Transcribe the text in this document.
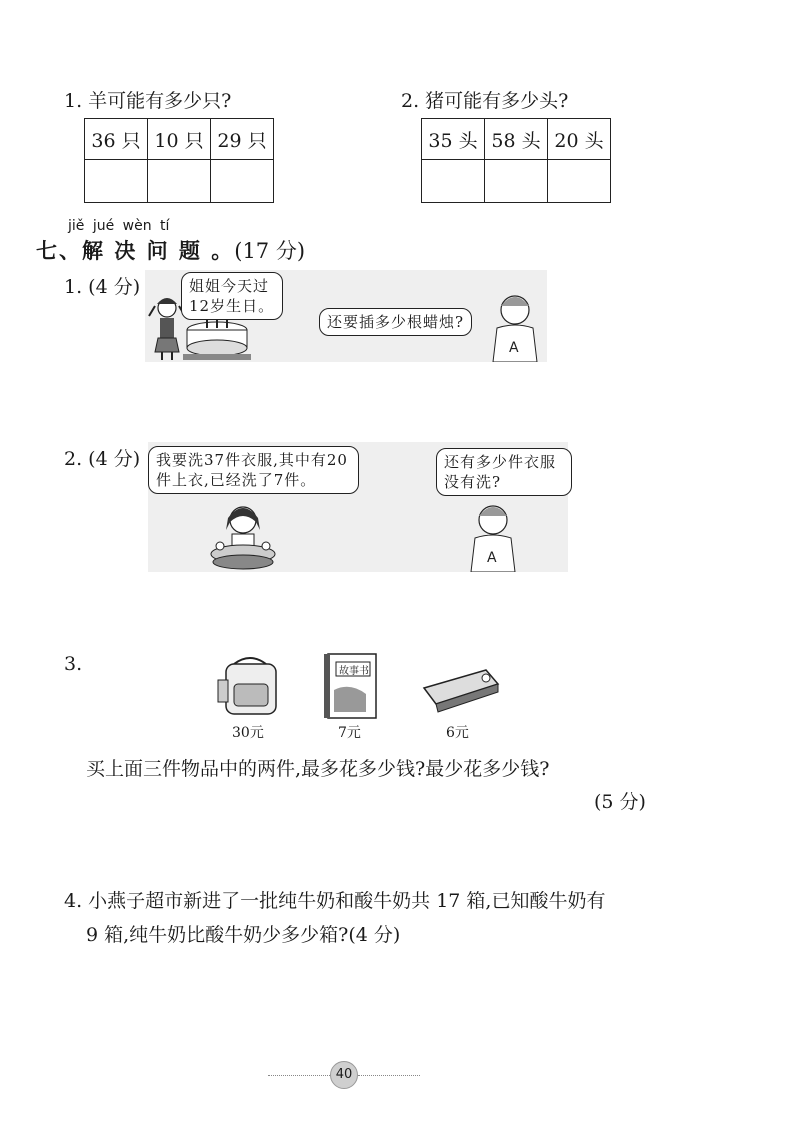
1. 羊可能有多少只?
36 只	10 只	29 只

2. 猪可能有多少头?
35 头	58 头	20 头

jiě jué wèn tí
七、解 决 问 题 。(17 分)
1. (4 分)
A
姐姐今天过12岁生日。
还要插多少根蜡烛?
2. (4 分)
A
我要洗37件衣服,其中有20件上衣,已经洗了7件。
还有多少件衣服没有洗?
3.	故事书
30元	7元	6元
买上面三件物品中的两件,最多花多少钱?最少花多少钱?
(5 分)
4. 小燕子超市新进了一批纯牛奶和酸牛奶共 17 箱,已知酸牛奶有
9 箱,纯牛奶比酸牛奶少多少箱?(4 分)
40
